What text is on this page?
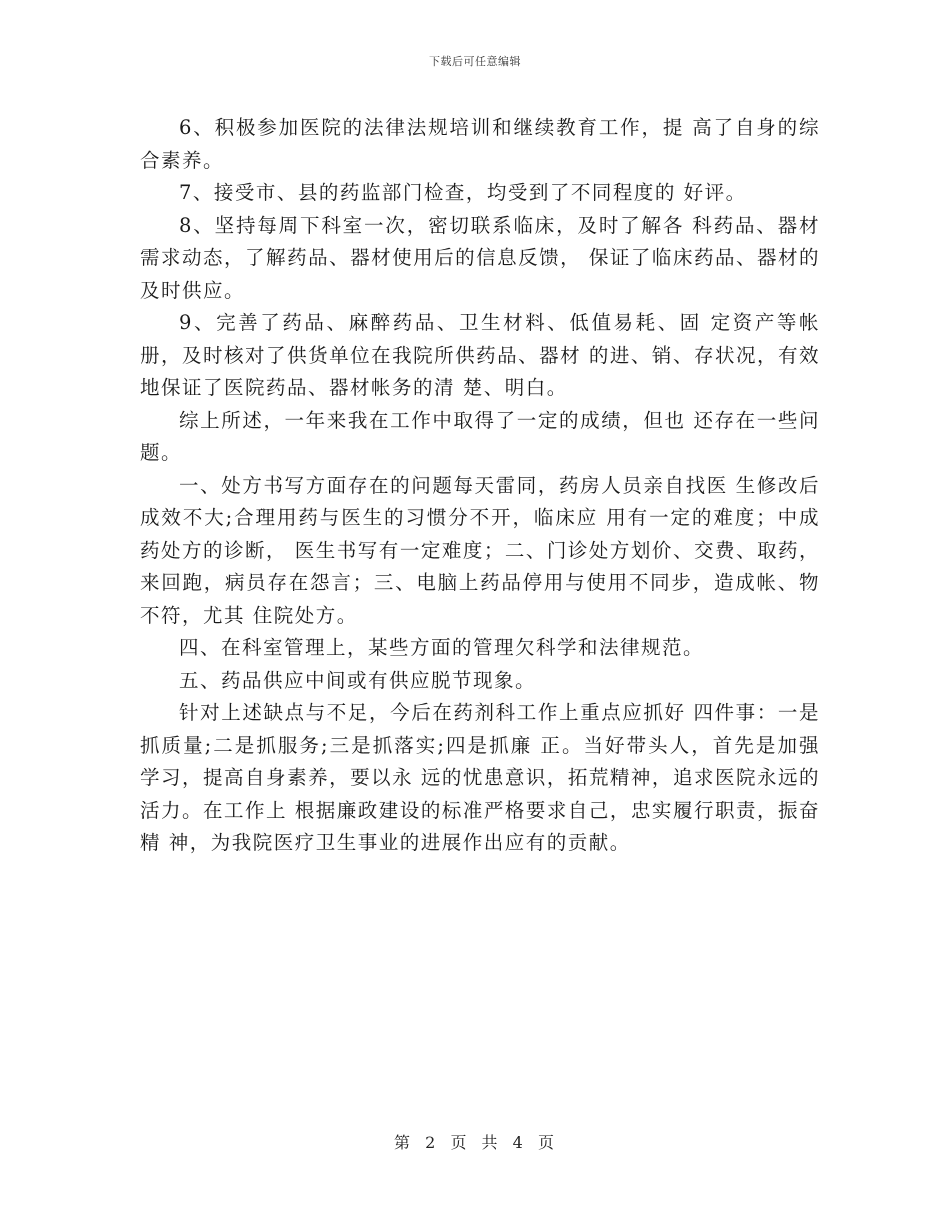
下载后可任意编辑

6、积极参加医院的法律法规培训和继续教育工作，提 高了自身的综合素养。

7、接受市、县的药监部门检查，均受到了不同程度的 好评。

8、坚持每周下科室一次，密切联系临床，及时了解各 科药品、器材需求动态，了解药品、器材使用后的信息反馈， 保证了临床药品、器材的及时供应。

9、完善了药品、麻醉药品、卫生材料、低值易耗、固 定资产等帐册，及时核对了供货单位在我院所供药品、器材 的进、销、存状况，有效地保证了医院药品、器材帐务的清 楚、明白。

综上所述，一年来我在工作中取得了一定的成绩，但也 还存在一些问题。

一、处方书写方面存在的问题每天雷同，药房人员亲自找医 生修改后成效不大;合理用药与医生的习惯分不开，临床应 用有一定的难度；中成药处方的诊断， 医生书写有一定难度；二、门诊处方划价、交费、取药，来回跑，病员存在怨言；三、电脑上药品停用与使用不同步，造成帐、物不符，尤其 住院处方。

四、在科室管理上，某些方面的管理欠科学和法律规范。

五、药品供应中间或有供应脱节现象。

针对上述缺点与不足，今后在药剂科工作上重点应抓好 四件事：一是抓质量;二是抓服务;三是抓落实;四是抓廉 正。当好带头人，首先是加强学习，提高自身素养，要以永 远的忧患意识，拓荒精神，追求医院永远的活力。在工作上 根据廉政建设的标准严格要求自己，忠实履行职责，振奋精 神，为我院医疗卫生事业的进展作出应有的贡献。

第 2 页 共 4 页
